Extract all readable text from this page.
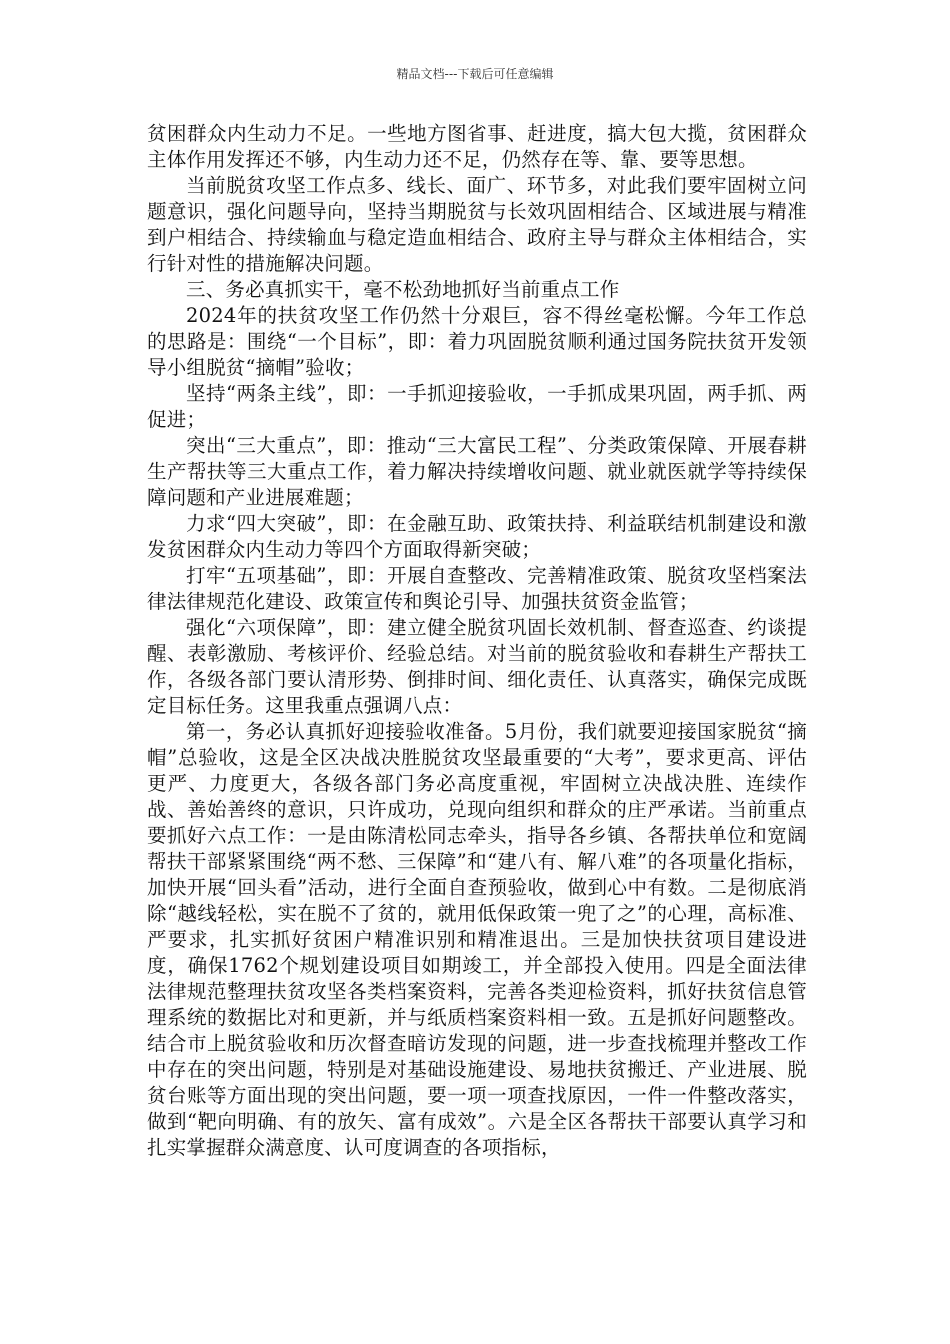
精品文档---下载后可任意编辑

贫困群众内生动力不足。一些地方图省事、赶进度，搞大包大揽，贫困群众主体作用发挥还不够，内生动力还不足，仍然存在等、靠、要等思想。

当前脱贫攻坚工作点多、线长、面广、环节多，对此我们要牢固树立问题意识，强化问题导向，坚持当期脱贫与长效巩固相结合、区域进展与精准到户相结合、持续输血与稳定造血相结合、政府主导与群众主体相结合，实行针对性的措施解决问题。

三、务必真抓实干，毫不松劲地抓好当前重点工作

2024年的扶贫攻坚工作仍然十分艰巨，容不得丝毫松懈。今年工作总的思路是：围绕“一个目标”，即：着力巩固脱贫顺利通过国务院扶贫开发领导小组脱贫“摘帽”验收；

坚持“两条主线”，即：一手抓迎接验收，一手抓成果巩固，两手抓、两促进；

突出“三大重点”，即：推动“三大富民工程”、分类政策保障、开展春耕生产帮扶等三大重点工作，着力解决持续增收问题、就业就医就学等持续保障问题和产业进展难题；

力求“四大突破”，即：在金融互助、政策扶持、利益联结机制建设和激发贫困群众内生动力等四个方面取得新突破；

打牢“五项基础”，即：开展自查整改、完善精准政策、脱贫攻坚档案法律法律规范化建设、政策宣传和舆论引导、加强扶贫资金监管；

强化“六项保障”，即：建立健全脱贫巩固长效机制、督查巡查、约谈提醒、表彰激励、考核评价、经验总结。对当前的脱贫验收和春耕生产帮扶工作，各级各部门要认清形势、倒排时间、细化责任、认真落实，确保完成既定目标任务。这里我重点强调八点：

第一，务必认真抓好迎接验收准备。5月份，我们就要迎接国家脱贫“摘帽”总验收，这是全区决战决胜脱贫攻坚最重要的“大考”，要求更高、评估更严、力度更大，各级各部门务必高度重视，牢固树立决战决胜、连续作战、善始善终的意识，只许成功，兑现向组织和群众的庄严承诺。当前重点要抓好六点工作：一是由陈清松同志牵头，指导各乡镇、各帮扶单位和宽阔帮扶干部紧紧围绕“两不愁、三保障”和“建八有、解八难”的各项量化指标，加快开展“回头看”活动，进行全面自查预验收，做到心中有数。二是彻底消除“越线轻松，实在脱不了贫的，就用低保政策一兜了之”的心理，高标准、严要求，扎实抓好贫困户精准识别和精准退出。三是加快扶贫项目建设进度，确保1762个规划建设项目如期竣工，并全部投入使用。四是全面法律法律规范整理扶贫攻坚各类档案资料，完善各类迎检资料，抓好扶贫信息管理系统的数据比对和更新，并与纸质档案资料相一致。五是抓好问题整改。结合市上脱贫验收和历次督查暗访发现的问题，进一步查找梳理并整改工作中存在的突出问题，特别是对基础设施建设、易地扶贫搬迁、产业进展、脱贫台账等方面出现的突出问题，要一项一项查找原因，一件一件整改落实，做到“靶向明确、有的放矢、富有成效”。六是全区各帮扶干部要认真学习和扎实掌握群众满意度、认可度调查的各项指标，
